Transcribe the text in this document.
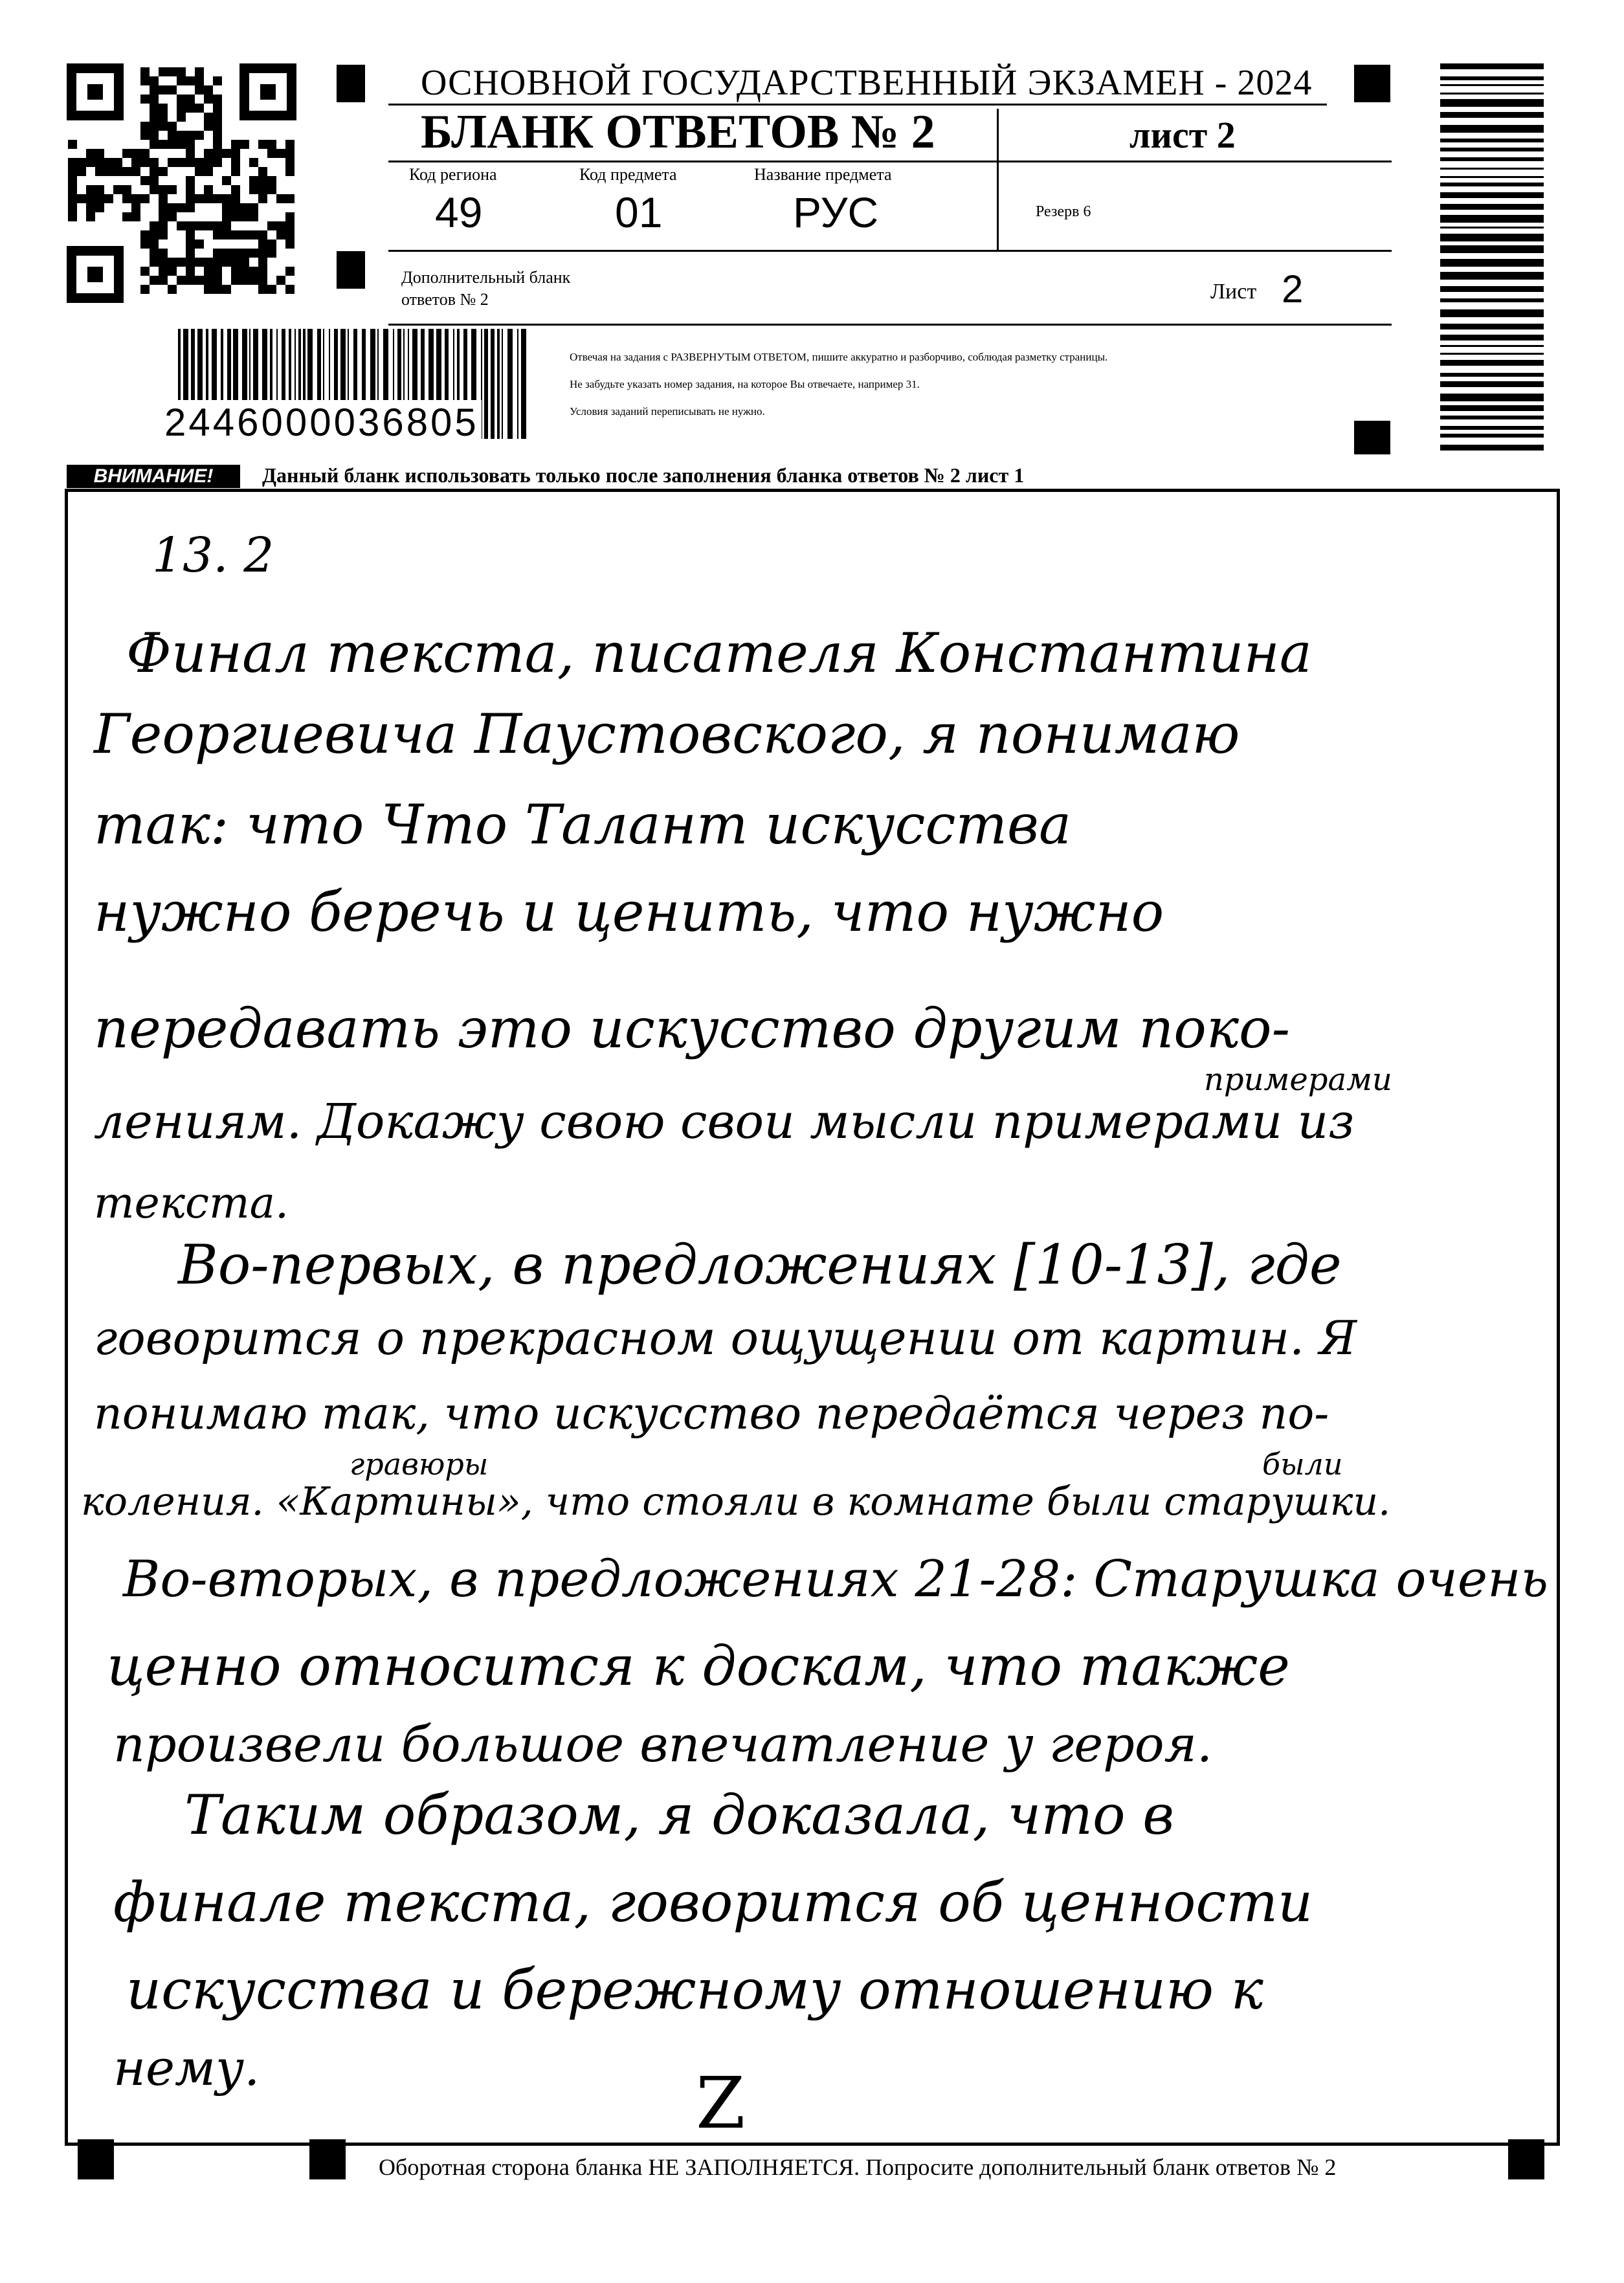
ОСНОВНОЙ ГОСУДАРСТВЕННЫЙ ЭКЗАМЕН - 2024
БЛАНК ОТВЕТОВ № 2	лист 2
Код региона
49
Код предмета
01
Название предмета
РУС	Резерв 6
Дополнительный бланк ответов № 2	Лист 2
2446000036805
Отвечая на задания с РАЗВЕРНУТЫМ ОТВЕТОМ, пишите аккуратно и разборчиво, соблюдая разметку страницы.
Не забудьте указать номер задания, на которое Вы отвечаете, например 31.
Условия заданий переписывать не нужно.
ВНИМАНИЕ!	Данный бланк использовать только после заполнения бланка ответов № 2 лист 1
13. 2
Финал текста, писателя Константина
Георгиевича Паустовского, я понимаю
так: что Что Талант искусства
нужно беречь и ценить, что нужно
передавать это искусство другим поко-
примерами
лениям. Докажу свою свои мысли примерами из
текста.
Во-первых, в предложениях [10-13], где
говорится о прекрасном ощущении от картин. Я
понимаю так, что искусство передаётся через по-
гравюры	были
коления. «Картины», что стояли в комнате были старушки.
Во-вторых, в предложениях 21-28: Старушка очень
ценно относится к доскам, что также
произвели большое впечатление у героя.
Таким образом, я доказала, что в
финале текста, говорится об ценности
искусства и бережному отношению к
нему.	Z
Оборотная сторона бланка НЕ ЗАПОЛНЯЕТСЯ. Попросите дополнительный бланк ответов № 2
